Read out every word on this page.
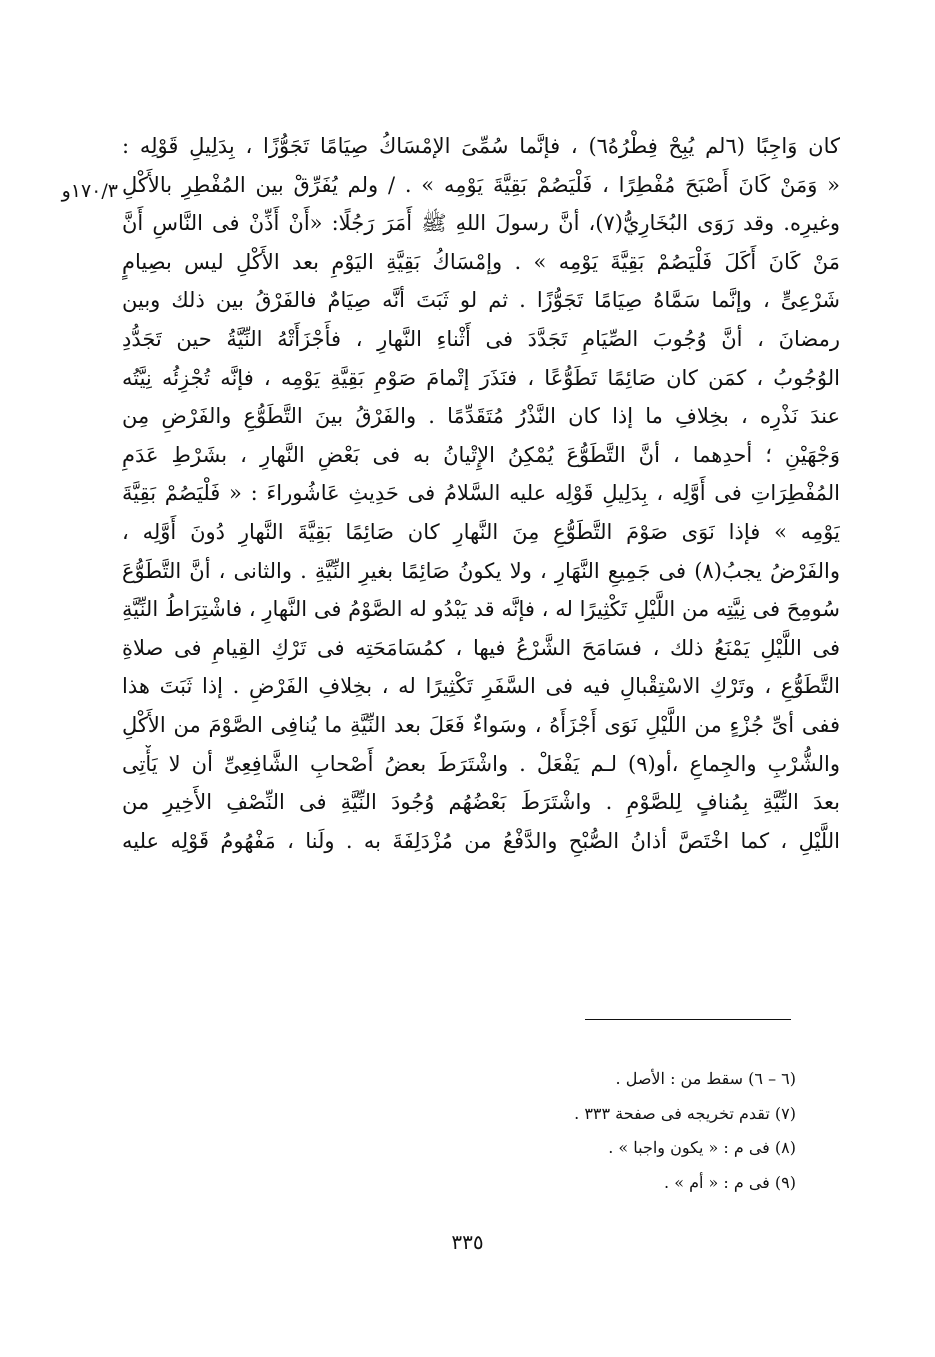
١٧٠/٣و
كان وَاجِبًا (٦لم يُبِحْ فِطْرُهُ٦) ، فإنَّما سُمِّىَ الإمْسَاكُ صِيَامًا تَجَوُّزًا ، بِدَلِيلِ قَوْلِه :
« وَمَنْ كَانَ أَصْبَحَ مُفْطِرًا ، فَلْيَصُمْ بَقِيَّةَ يَوْمِه » . / ولم يُفَرِّقْ بين المُفْطِرِ بالأَكْلِ
وغيرِه. وقد رَوَى البُخَارِيُّ(٧)، أنَّ رسولَ اللهِ ﷺ أَمَرَ رَجُلًا: «أَنْ أَذِّنْ فى النَّاسِ أَنَّ
مَنْ كَانَ أَكَلَ فَلْيَصُمْ بَقِيَّةَ يَوْمِه » . وإمْسَاكُ بَقِيَّةِ اليَوْمِ بعد الأَكْلِ ليس بصِيامٍ
شَرْعِىٍّ ، وإنَّما سَمَّاهُ صِيَامًا تَجَوُّزًا . ثم لو ثَبَتَ أنَّه صِيَامٌ فالفَرْقُ بين ذلك وبين
رمضانَ ، أنَّ وُجُوبَ الصِّيَامِ تَجَدَّدَ فى أَثْناءِ النَّهارِ ، فأَجْزَأَتْهُ النِّيَّةُ حين تَجَدُّدِ
الوُجُوبُ ، كمَن كان صَائِمًا تَطَوُّعًا ، فنَذَرَ إتْمامَ صَوْمِ بَقِيَّةِ يَوْمِه ، فإنَّه تُجْزِئُه نِيَّتُه
عندَ نَذْرِه ، بخِلافِ ما إذا كان النَّذْرُ مُتَقَدِّمًا . والفَرْقُ بينَ التَّطَوُّعِ والفَرْضِ مِن
وَجْهَيْنِ ؛ أحدِهما ، أنَّ التَّطَوُّعَ يُمْكِنُ الإِتْيانُ به فى بَعْضِ النَّهارِ ، بشَرْطِ عَدَمِ
المُفْطِرَاتِ فى أَوَّلِه ، بِدَلِيلِ قَوْلِه عليه السَّلامُ فى حَدِيثِ عَاشُوراءَ : « فَلْيَصُمْ بَقِيَّةَ
يَوْمِه » فإذا نَوَى صَوْمَ التَّطَوُّعِ مِنَ النَّهارِ كان صَائِمًا بَقِيَّةَ النَّهارِ دُونَ أَوَّلِه ،
والفَرْضُ يجبُ(٨) فى جَمِيعِ النَّهَارِ ، ولا يكونُ صَائِمًا بغيرِ النِّيَّةِ . والثانى ، أنَّ التَّطَوُّعَ
سُومِحَ فى نِيَّتِه من اللَّيْلِ تَكْثِيرًا له ، فإنَّه قد يَبْدُو له الصَّوْمُ فى النَّهارِ ، فاشْتِرَاطُ النِّيَّةِ
فى اللَّيْلِ يَمْنَعُ ذلك ، فسَامَحَ الشَّرْعُ فيها ، كمُسَامَحَتِه فى تَرْكِ القِيامِ فى صلاةِ
التَّطَوُّعِ ، وتَرْكِ الاسْتِقْبالِ فيه فى السَّفَرِ تَكْثِيرًا له ، بخِلافِ الفَرْضِ . إذا ثَبَتَ هذا
ففى أىِّ جُزْءٍ من اللَّيْلِ نَوَى أَجْزَأَهُ ، وسَواءٌ فَعَلَ بعد النِّيَّةِ ما يُنافِى الصَّوْمَ من الأَكْلِ
والشُّرْبِ والجِماعِ ،أو(٩) لـم يَفْعَلْ . واشْتَرَطَ بعضُ أَصْحابِ الشَّافِعِىِّ أن لا يَأْتِى
بعدَ النِّيَّةِ بِمُنافٍ لِلصَّوْمِ . واشْتَرَطَ بَعْضُهُم وُجُودَ النِّيَّةِ فى النِّصْفِ الأَخِيرِ من
اللَّيْلِ ، كما اخْتَصَّ أذانُ الصُّبْحِ والدَّفْعُ من مُزْدَلِفَةَ به . ولَنا ، مَفْهُومُ قَوْلِه عليه
(٦ – ٦) سقط من : الأصل .
(٧) تقدم تخريجه فى صفحة ٣٣٣ .
(٨) فى م : « يكون واجبا » .
(٩) فى م : « أم » .
٣٣٥
